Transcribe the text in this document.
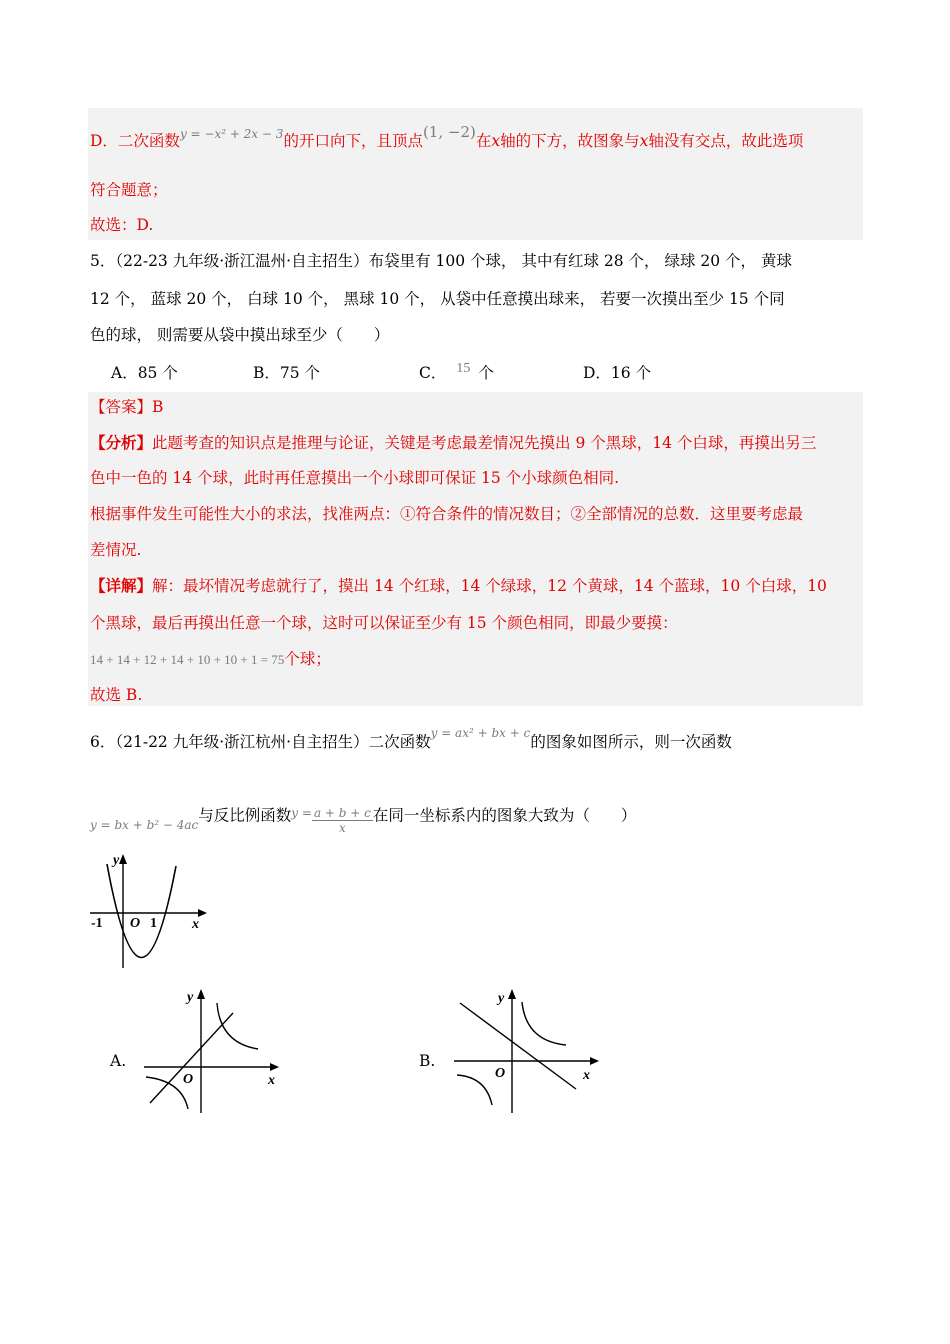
D．二次函数$^{y = -x^2 + 2x - 3}$的开口向下，且顶点(1, −2)在x轴的下方，故图象与x轴没有交点，故此选项
符合题意；
故选：D.
5．（22-23 九年级·浙江温州·自主招生）布袋里有 100 个球， 其中有红球 28 个， 绿球 20 个， 黄球
12 个， 蓝球 20 个， 白球 10 个， 黑球 10 个， 从袋中任意摸出球来， 若要一次摸出至少 15 个同
色的球， 则需要从袋中摸出球至少（　　）
A．85 个	B．75 个	C． 15 个	D．16 个
【答案】B
【分析】此题考查的知识点是推理与论证，关键是考虑最差情况先摸出 9 个黑球，14 个白球，再摸出另三
色中一色的 14 个球，此时再任意摸出一个小球即可保证 15 个小球颜色相同.
根据事件发生可能性大小的求法，找准两点：①符合条件的情况数目；②全部情况的总数．这里要考虑最
差情况.
【详解】解：最坏情况考虑就行了，摸出 14 个红球，14 个绿球，12 个黄球，14 个蓝球，10 个白球，10
个黑球，最后再摸出任意一个球，这时可以保证至少有 15 个颜色相同，即最少要摸：
14 + 14 + 12 + 14 + 10 + 10 + 1 = 75个球；
故选 B.
6．（21-22 九年级·浙江杭州·自主招生）二次函数$^{y = ax^2 + bx + c}$的图象如图所示，则一次函数
$_{y = bx + b^2 - 4ac}$与反比例函数$^{y =} \frac{a + b + c}{x}$ 在同一坐标系内的图象大致为（　　）
y
x
O
-1	1
A.
y
x
O
B.
y
x
O
